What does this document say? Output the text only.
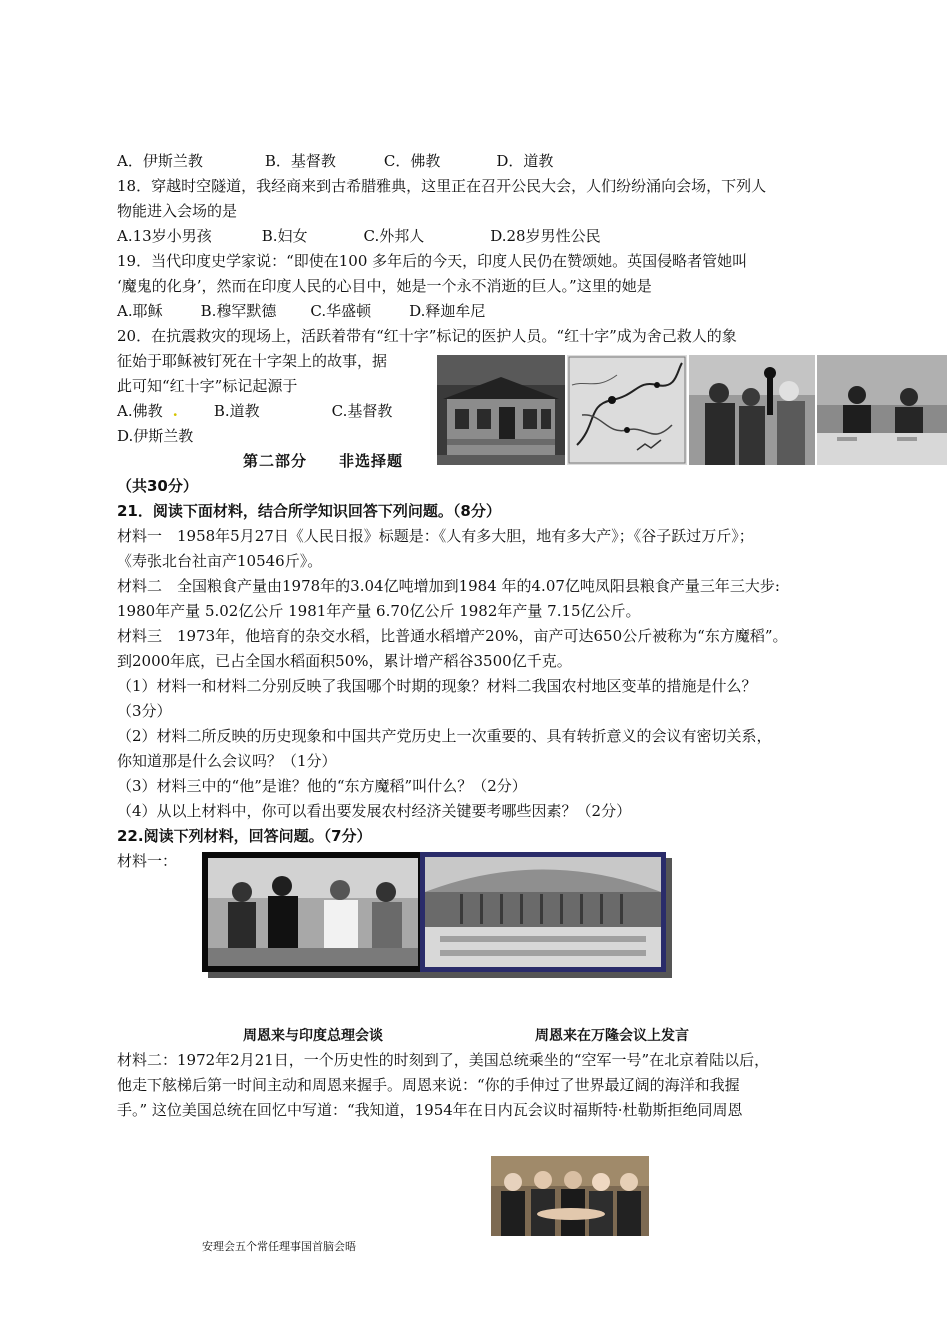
A．伊斯兰教	B．基督教	C．佛教	D．道教
18．穿越时空隧道，我经商来到古希腊雅典，这里正在召开公民大会，人们纷纷涌向会场，下列人
物能进入会场的是
A.13岁小男孩	B.妇女	C.外邦人	D.28岁男性公民
19．当代印度史学家说：“即使在100 多年后的今天，印度人民仍在赞颂她。英国侵略者管她叫
‘魔鬼的化身’，然而在印度人民的心目中，她是一个永不消逝的巨人。”这里的她是
A.耶稣	B.穆罕默德 C.华盛顿	D.释迦牟尼
20．在抗震救灾的现场上，活跃着带有“红十字”标记的医护人员。“红十字”成为舍己救人的象
征始于耶稣被钉死在十字架上的故事，据
此可知“红十字”标记起源于
A.佛教 . B.道教	C.基督教
D.伊斯兰教
第二部分　　非选择题
（共30分）
21．阅读下面材料，结合所学知识回答下列问题。（8分）
材料一　1958年5月27日《人民日报》标题是：《人有多大胆，地有多大产》；《谷子跃过万斤》；
《寿张北台社亩产10546斤》。
材料二　全国粮食产量由1978年的3.04亿吨增加到1984 年的4.07亿吨凤阳县粮食产量三年三大步:
1980年产量 5.02亿公斤 1981年产量 6.70亿公斤 1982年产量 7.15亿公斤。
材料三　1973年，他培育的杂交水稻，比普通水稻增产20%，亩产可达650公斤被称为“东方魔稻”。
到2000年底，已占全国水稻面积50%，累计增产稻谷3500亿千克。
（1）材料一和材料二分别反映了我国哪个时期的现象？材料二我国农村地区变革的措施是什么？
（3分）
（2）材料二所反映的历史现象和中国共产党历史上一次重要的、具有转折意义的会议有密切关系，
你知道那是什么会议吗？（1分）
（3）材料三中的“他”是谁？他的“东方魔稻”叫什么？（2分）
（4）从以上材料中，你可以看出要发展农村经济关键要考哪些因素？（2分）
22.阅读下列材料，回答问题。（7分）
材料一：
周恩来与印度总理会谈	周恩来在万隆会议上发言
材料二：1972年2月21日，一个历史性的时刻到了，美国总统乘坐的“空军一号”在北京着陆以后，
他走下舷梯后第一时间主动和周恩来握手。周恩来说：“你的手伸过了世界最辽阔的海洋和我握
手。” 这位美国总统在回忆中写道：“我知道，1954年在日内瓦会议时福斯特·杜勒斯拒绝同周恩
安理会五个常任理事国首脑会晤
